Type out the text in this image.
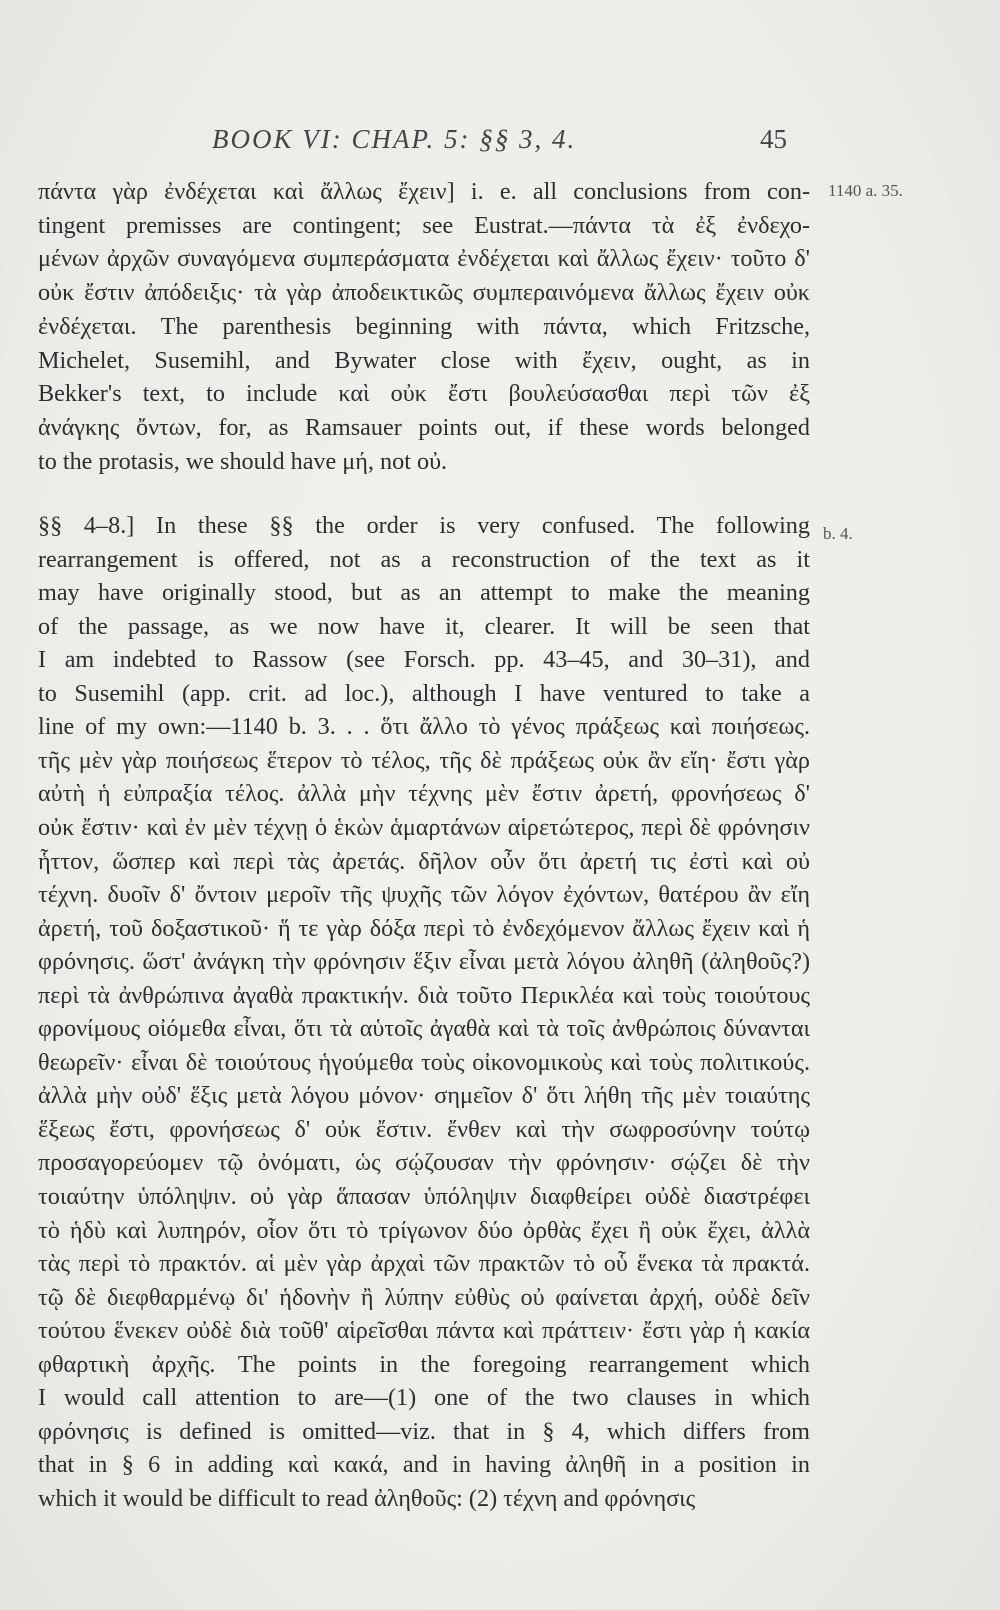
BOOK VI: CHAP. 5: §§ 3, 4.	45
1140 a. 35.
b. 4.
πάντα γὰρ ἐνδέχεται καὶ ἄλλως ἔχειν] i. e. all conclusions from con-
tingent premisses are contingent; see Eustrat.—πάντα τὰ ἐξ ἐνδεχο-
μένων ἀρχῶν συναγόμενα συμπεράσματα ἐνδέχεται καὶ ἄλλως ἔχειν· τοῦτο δ'
οὐκ ἔστιν ἀπόδειξις· τὰ γὰρ ἀποδεικτικῶς συμπεραινόμενα ἄλλως ἔχειν οὐκ
ἐνδέχεται. The parenthesis beginning with πάντα, which Fritzsche,
Michelet, Susemihl, and Bywater close with ἔχειν, ought, as in
Bekker's text, to include καὶ οὐκ ἔστι βουλεύσασθαι περὶ τῶν ἐξ
ἀνάγκης ὄντων, for, as Ramsauer points out, if these words belonged
to the protasis, we should have μή, not οὐ.
§§ 4–8.] In these §§ the order is very confused. The following
rearrangement is offered, not as a reconstruction of the text as it
may have originally stood, but as an attempt to make the meaning
of the passage, as we now have it, clearer. It will be seen that
I am indebted to Rassow (see Forsch. pp. 43–45, and 30–31), and
to Susemihl (app. crit. ad loc.), although I have ventured to take a
line of my own:—1140 b. 3. . . ὅτι ἄλλο τὸ γένος πράξεως καὶ ποιήσεως.
τῆς μὲν γὰρ ποιήσεως ἕτερον τὸ τέλος, τῆς δὲ πράξεως οὐκ ἂν εἴη· ἔστι γὰρ
αὐτὴ ἡ εὐπραξία τέλος. ἀλλὰ μὴν τέχνης μὲν ἔστιν ἀρετή, φρονήσεως δ'
οὐκ ἔστιν· καὶ ἐν μὲν τέχνῃ ὁ ἑκὼν ἁμαρτάνων αἱρετώτερος, περὶ δὲ φρόνησιν
ἧττον, ὥσπερ καὶ περὶ τὰς ἀρετάς. δῆλον οὖν ὅτι ἀρετή τις ἐστὶ καὶ οὐ
τέχνη. δυοῖν δ' ὄντοιν μεροῖν τῆς ψυχῆς τῶν λόγον ἐχόντων, θατέρου ἂν εἴη
ἀρετή, τοῦ δοξαστικοῦ· ἥ τε γὰρ δόξα περὶ τὸ ἐνδεχόμενον ἄλλως ἔχειν καὶ ἡ
φρόνησις. ὥστ' ἀνάγκη τὴν φρόνησιν ἕξιν εἶναι μετὰ λόγου ἀληθῆ (ἀληθοῦς?)
περὶ τὰ ἀνθρώπινα ἀγαθὰ πρακτικήν. διὰ τοῦτο Περικλέα καὶ τοὺς τοιούτους
φρονίμους οἰόμεθα εἶναι, ὅτι τὰ αὑτοῖς ἀγαθὰ καὶ τὰ τοῖς ἀνθρώποις δύνανται
θεωρεῖν· εἶναι δὲ τοιούτους ἡγούμεθα τοὺς οἰκονομικοὺς καὶ τοὺς πολιτικούς.
ἀλλὰ μὴν οὐδ' ἕξις μετὰ λόγου μόνον· σημεῖον δ' ὅτι λήθη τῆς μὲν τοιαύτης
ἕξεως ἔστι, φρονήσεως δ' οὐκ ἔστιν. ἔνθεν καὶ τὴν σωφροσύνην τούτῳ
προσαγορεύομεν τῷ ὀνόματι, ὡς σῴζουσαν τὴν φρόνησιν· σῴζει δὲ τὴν
τοιαύτην ὑπόληψιν. οὐ γὰρ ἅπασαν ὑπόληψιν διαφθείρει οὐδὲ διαστρέφει
τὸ ἡδὺ καὶ λυπηρόν, οἷον ὅτι τὸ τρίγωνον δύο ὀρθὰς ἔχει ἢ οὐκ ἔχει, ἀλλὰ
τὰς περὶ τὸ πρακτόν. αἱ μὲν γὰρ ἀρχαὶ τῶν πρακτῶν τὸ οὗ ἕνεκα τὰ πρακτά.
τῷ δὲ διεφθαρμένῳ δι' ἡδονὴν ἢ λύπην εὐθὺς οὐ φαίνεται ἀρχή, οὐδὲ δεῖν
τούτου ἕνεκεν οὐδὲ διὰ τοῦθ' αἱρεῖσθαι πάντα καὶ πράττειν· ἔστι γὰρ ἡ κακία
φθαρτικὴ ἀρχῆς. The points in the foregoing rearrangement which
I would call attention to are—(1) one of the two clauses in which
φρόνησις is defined is omitted—viz. that in § 4, which differs from
that in § 6 in adding καὶ κακά, and in having ἀληθῆ in a position in
which it would be difficult to read ἀληθοῦς: (2) τέχνη and φρόνησις
